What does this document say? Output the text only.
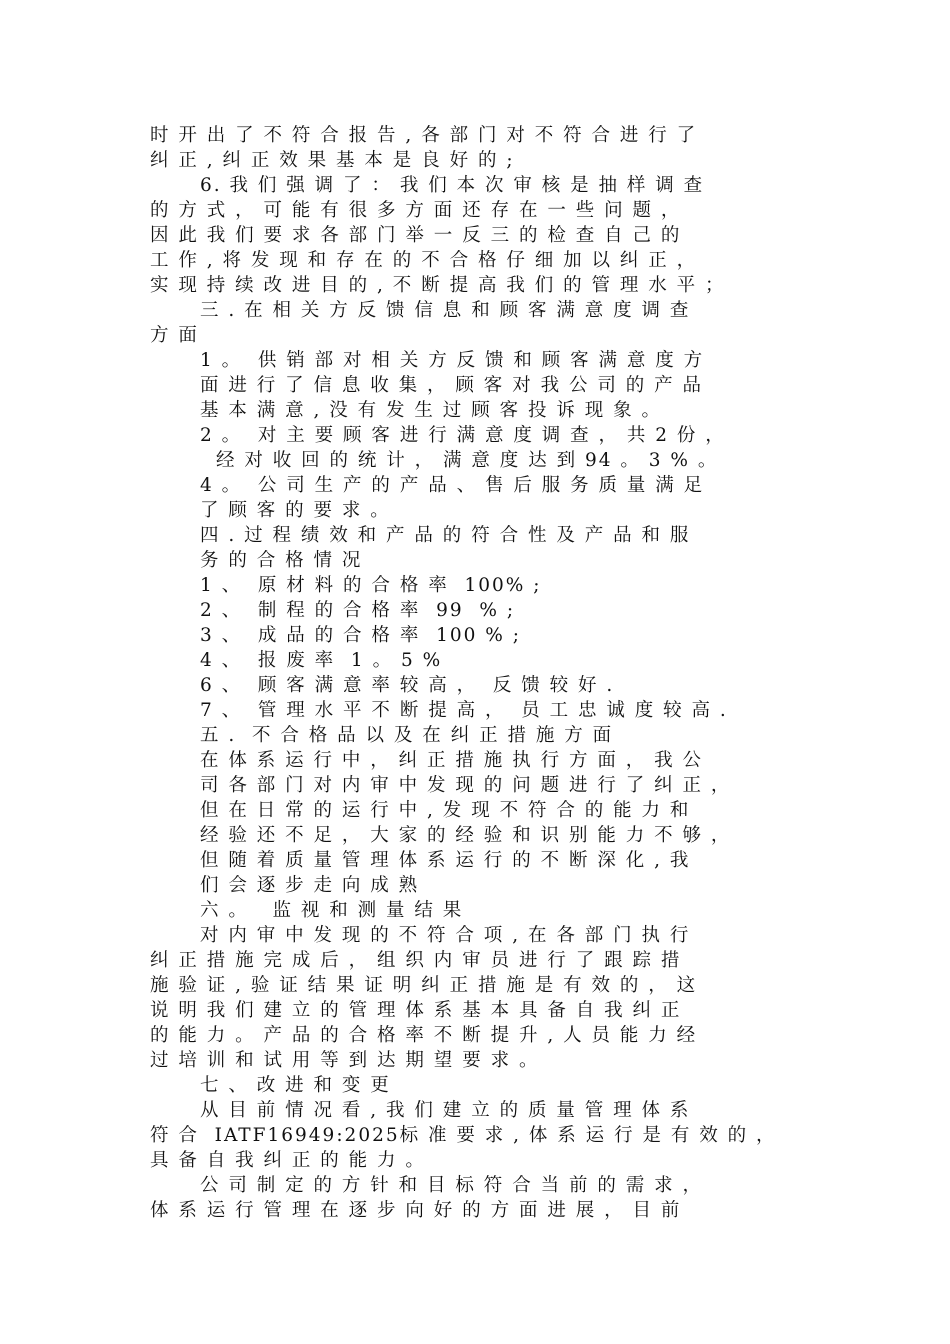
时 开 出 了 不 符 合 报 告 , 各 部 门 对 不 符 合 进 行 了
纠 正 , 纠 正 效 果 基 本 是 良 好 的 ;
6. 我 们 强 调 了 ： 我 们 本 次 审 核 是 抽 样 调 查
的 方 式 ， 可 能 有 很 多 方 面 还 存 在 一 些 问 题 ，
因 此 我 们 要 求 各 部 门 举 一 反 三 的 检 查 自 己 的
工 作 , 将 发 现 和 存 在 的 不 合 格 仔 细 加 以 纠 正 ，
实 现 持 续 改 进 目 的 , 不 断 提 高 我 们 的 管 理 水 平 ；
三 . 在 相 关 方 反 馈 信 息 和 顾 客 满 意 度 调 查
方 面
1 。  供 销 部 对 相 关 方 反 馈 和 顾 客 满 意 度 方
面 进 行 了 信 息 收 集 ， 顾 客 对 我 公 司 的 产 品
基 本 满 意 , 没 有 发 生 过 顾 客 投 诉 现 象 。
2 。  对 主 要 顾 客 进 行 满 意 度 调 查 ， 共 2 份 ，
经 对 收 回 的 统 计 ， 满 意 度 达 到 94 。 3 % 。
4 。  公 司 生 产 的 产 品 、 售 后 服 务 质 量 满 足
了 顾 客 的 要 求 。
四 . 过 程 绩 效 和 产 品 的 符 合 性 及 产 品 和 服
务 的 合 格 情 况
1 、  原 材 料 的 合 格 率  100% ;
2 、  制 程 的 合 格 率  99  % ;
3 、  成 品 的 合 格 率  100 % ;
4 、  报 废 率  1 。 5 %
6 、  顾 客 满 意 率 较 高 ，  反 馈 较 好 .
7 、  管 理 水 平 不 断 提 高 ，  员 工 忠 诚 度 较 高 .
五 .  不 合 格 品 以 及 在 纠 正 措 施 方 面
在 体 系 运 行 中 ， 纠 正 措 施 执 行 方 面 ， 我 公
司 各 部 门 对 内 审 中 发 现 的 问 题 进 行 了 纠 正 ，
但 在 日 常 的 运 行 中 , 发 现 不 符 合 的 能 力 和
经 验 还 不 足 ， 大 家 的 经 验 和 识 别 能 力 不 够 ，
但 随 着 质 量 管 理 体 系 运 行 的 不 断 深 化 , 我
们 会 逐 步 走 向 成 熟
六 。   监 视 和 测 量 结 果
对 内 审 中 发 现 的 不 符 合 项 , 在 各 部 门 执 行
纠 正 措 施 完 成 后 ， 组 织 内 审 员 进 行 了 跟 踪 措
施 验 证 , 验 证 结 果 证 明 纠 正 措 施 是 有 效 的 ， 这
说 明 我 们 建 立 的 管 理 体 系 基 本 具 备 自 我 纠 正
的 能 力 。 产 品 的 合 格 率 不 断 提 升 , 人 员 能 力 经
过 培 训 和 试 用 等 到 达 期 望 要 求 。
七 、 改 进 和 变 更
从 目 前 情 况 看 , 我 们 建 立 的 质 量 管 理 体 系
符 合  IATF16949:2025标 准 要 求 , 体 系 运 行 是 有 效 的 ，
具 备 自 我 纠 正 的 能 力 。
公 司 制 定 的 方 针 和 目 标 符 合 当 前 的 需 求 ，
体 系 运 行 管 理 在 逐 步 向 好 的 方 面 进 展 ， 目 前
